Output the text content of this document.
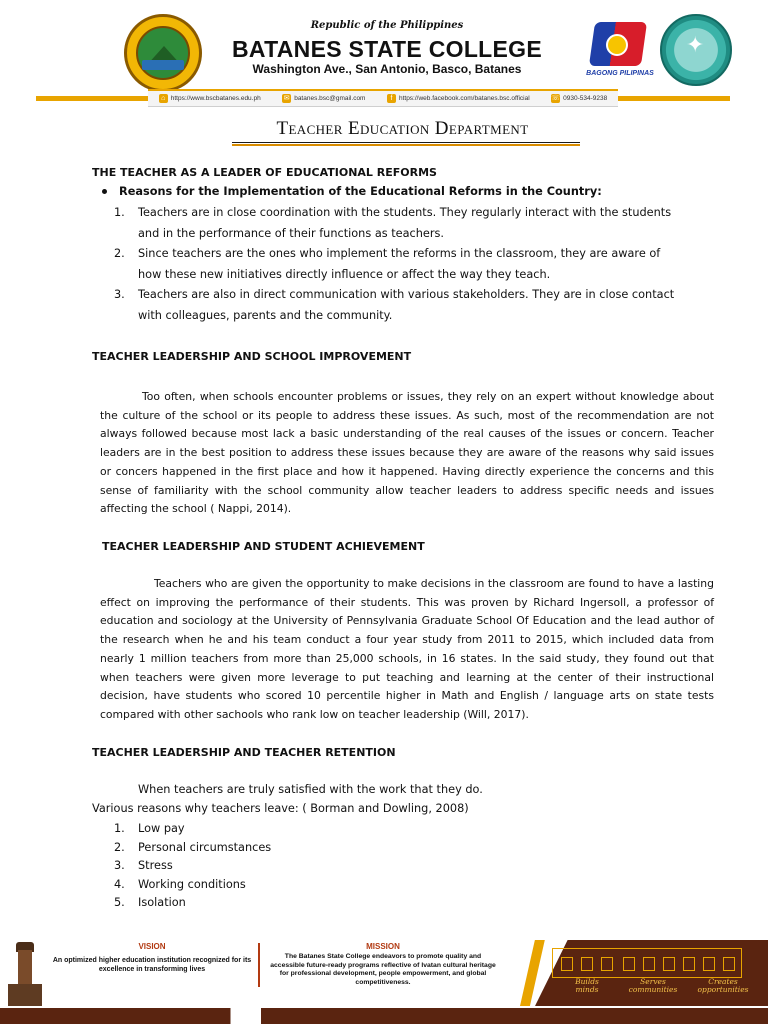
Republic of the Philippines
BATANES STATE COLLEGE
Washington Ave., San Antonio, Basco, Batanes	BAGONG PILIPINAS
✦
⌂ https://www.bscbatanes.edu.ph	✉ batanes.bsc@gmail.com	f	https://web.facebook.com/batanes.bsc.official	☏ 0930-534-9238
Teacher Education Department
THE TEACHER AS A LEADER OF EDUCATIONAL REFORMS
Reasons for the Implementation of the Educational Reforms in the Country:
1.	Teachers are in close coordination with the students. They regularly interact with the students and in the performance of their functions as teachers.
2.	Since teachers are the ones who implement the reforms in the classroom, they are aware of how these new initiatives directly influence or affect the way they teach.
3.	Teachers are also in direct communication with various stakeholders. They are in close contact with colleagues, parents and the community.
TEACHER LEADERSHIP AND SCHOOL IMPROVEMENT
Too often, when schools encounter problems or issues, they rely on an expert without knowledge about the culture of the school or its people to address these issues. As such, most of the recommendation are not always followed because most lack a basic understanding of the real causes of the issues or concern. Teacher leaders are in the best position to address these issues because they are aware of the reasons why said issues or concers happened in the first place and how it happened. Having directly experience the concerns and this sense of familiarity with the school community allow teacher leaders to address specific needs and issues affecting the school ( Nappi, 2014).
TEACHER LEADERSHIP AND STUDENT ACHIEVEMENT
Teachers who are given the opportunity to make decisions in the classroom are found to have a lasting effect on improving the performance of their students. This was proven by Richard Ingersoll, a professor of education and sociology at the University of Pennsylvania Graduate School Of Education and the lead author of the research when he and his team conduct a four year study from 2011 to 2015, which included data from nearly 1 million teachers from more than 25,000 schools, in 16 states. In the said study, they found out that when teachers were given more leverage to put teaching and learning at the center of their instructional decision, have students who scored 10 percentile higher in Math and English / language arts on state tests compared with other sachools who rank low on teacher leadership (Will, 2017).
TEACHER LEADERSHIP AND TEACHER RETENTION
When teachers are truly satisfied with the work that they do.
Various reasons why teachers leave: ( Borman and Dowling, 2008)
1.	Low pay
2.	Personal circumstances
3.	Stress
4.	Working conditions
5.	Isolation
VISION
An optimized higher education institution recognized for its excellence in transforming lives
MISSION
The Batanes State College endeavors to promote quality and accessible future-ready programs reflective of Ivatan cultural heritage for professional development, people empowerment, and global competitiveness.	Builds
minds
Serves
communities
Creates
opportunities
